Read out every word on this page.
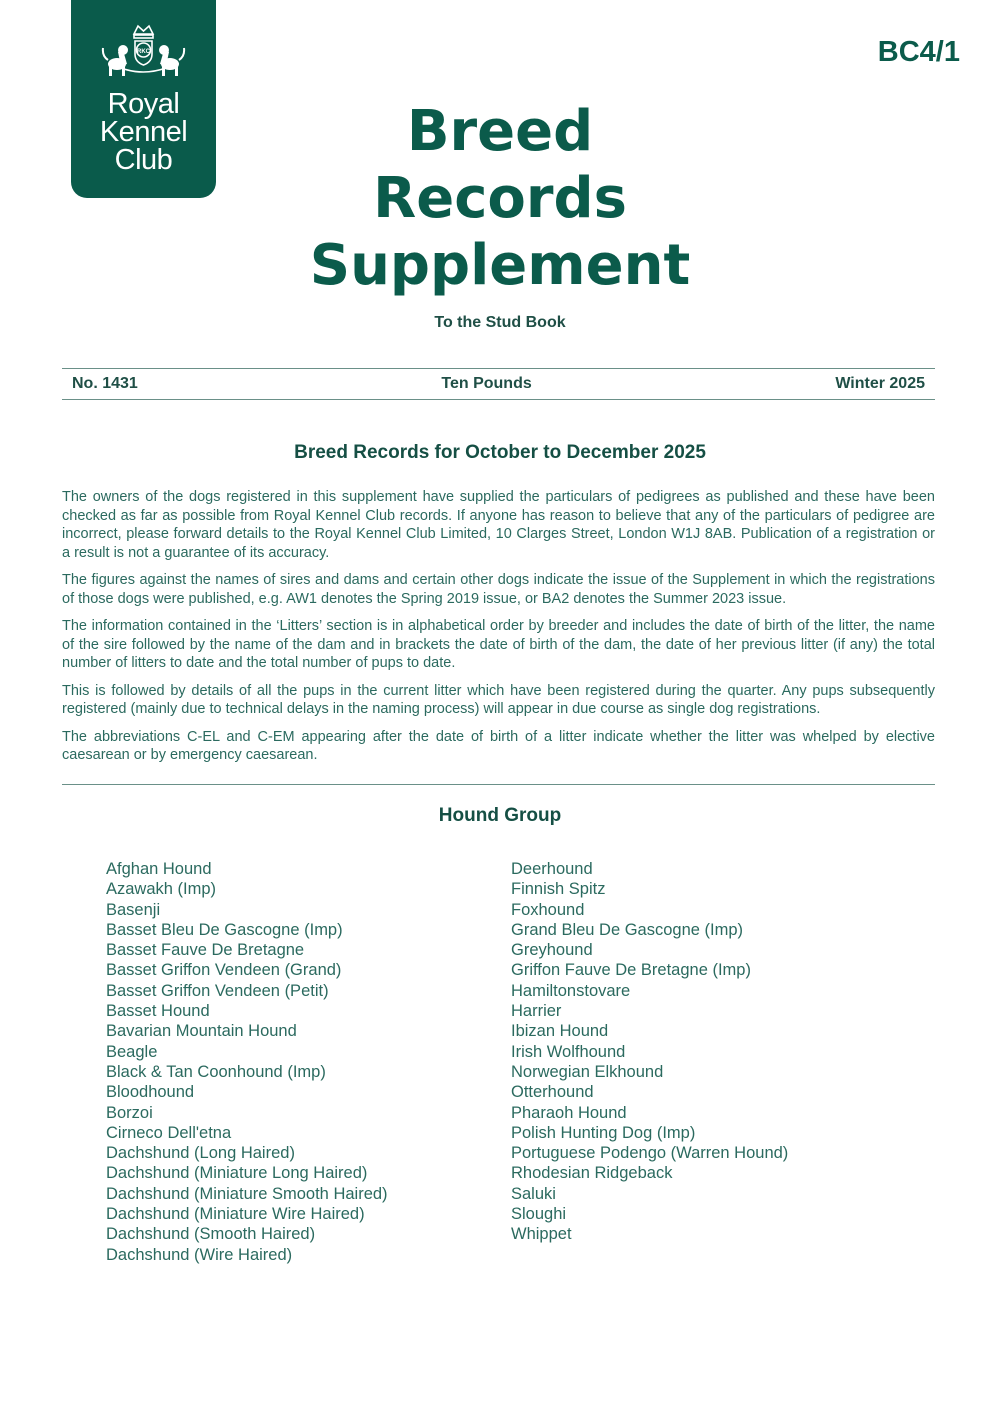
RKC
Royal
Kennel
Club
BC4/1
Breed
Records
Supplement
To the Stud Book
No. 1431	Ten Pounds	Winter 2025
Breed Records for October to December 2025

The owners of the dogs registered in this supplement have supplied the particulars of pedigrees as published and these have been checked as far as possible from Royal Kennel Club records. If anyone has reason to believe that any of the particulars of pedigree are incorrect, please forward details to the Royal Kennel Club Limited, 10 Clarges Street, London W1J 8AB. Publication of a registration or a result is not a guarantee of its accuracy.

The figures against the names of sires and dams and certain other dogs indicate the issue of the Supplement in which the registrations of those dogs were published, e.g. AW1 denotes the Spring 2019 issue, or BA2 denotes the Summer 2023 issue.

The information contained in the ‘Litters’ section is in alphabetical order by breeder and includes the date of birth of the litter, the name of the sire followed by the name of the dam and in brackets the date of birth of the dam, the date of her previous litter (if any) the total number of litters to date and the total number of pups to date.

This is followed by details of all the pups in the current litter which have been registered during the quarter. Any pups subsequently registered (mainly due to technical delays in the naming process) will appear in due course as single dog registrations.

The abbreviations C-EL and C-EM appearing after the date of birth of a litter indicate whether the litter was whelped by elective caesarean or by emergency caesarean.

Hound Group
Afghan Hound
Azawakh (Imp)
Basenji
Basset Bleu De Gascogne (Imp)
Basset Fauve De Bretagne
Basset Griffon Vendeen (Grand)
Basset Griffon Vendeen (Petit)
Basset Hound
Bavarian Mountain Hound
Beagle
Black & Tan Coonhound (Imp)
Bloodhound
Borzoi
Cirneco Dell'etna
Dachshund (Long Haired)
Dachshund (Miniature Long Haired)
Dachshund (Miniature Smooth Haired)
Dachshund (Miniature Wire Haired)
Dachshund (Smooth Haired)
Dachshund (Wire Haired)
Deerhound
Finnish Spitz
Foxhound
Grand Bleu De Gascogne (Imp)
Greyhound
Griffon Fauve De Bretagne (Imp)
Hamiltonstovare
Harrier
Ibizan Hound
Irish Wolfhound
Norwegian Elkhound
Otterhound
Pharaoh Hound
Polish Hunting Dog (Imp)
Portuguese Podengo (Warren Hound)
Rhodesian Ridgeback
Saluki
Sloughi
Whippet
